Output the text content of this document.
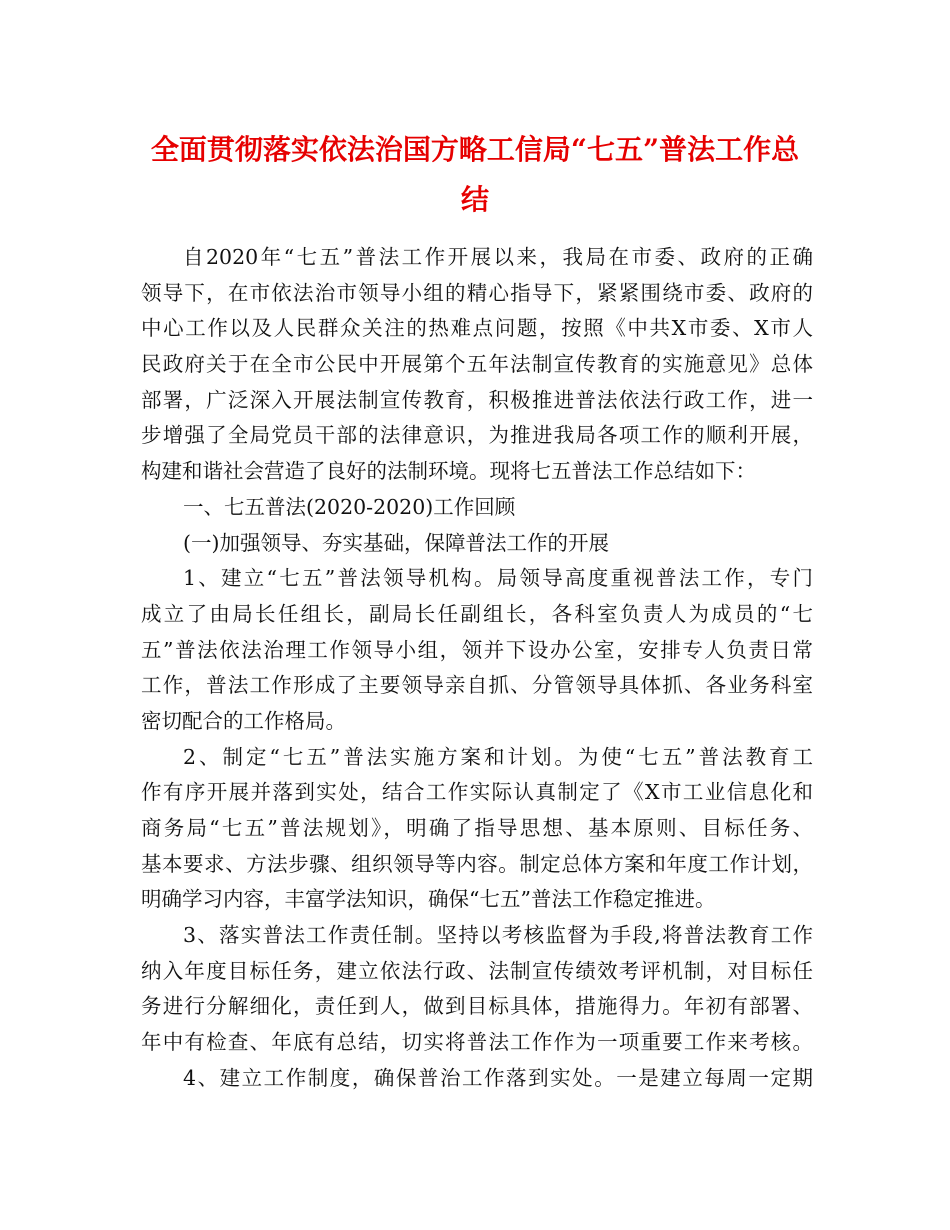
全面贯彻落实依法治国方略工信局“七五”普法工作总
结
自2020年“七五”普法工作开展以来，我局在市委、政府的正确
领导下，在市依法治市领导小组的精心指导下，紧紧围绕市委、政府的
中心工作以及人民群众关注的热难点问题，按照《中共X市委、X市人
民政府关于在全市公民中开展第个五年法制宣传教育的实施意见》总体
部署，广泛深入开展法制宣传教育，积极推进普法依法行政工作，进一
步增强了全局党员干部的法律意识，为推进我局各项工作的顺利开展，
构建和谐社会营造了良好的法制环境。现将七五普法工作总结如下：
一、七五普法(2020-2020)工作回顾
(一)加强领导、夯实基础，保障普法工作的开展
1、建立“七五”普法领导机构。局领导高度重视普法工作，专门
成立了由局长任组长，副局长任副组长，各科室负责人为成员的“七
五”普法依法治理工作领导小组，领并下设办公室，安排专人负责日常
工作，普法工作形成了主要领导亲自抓、分管领导具体抓、各业务科室
密切配合的工作格局。
2、制定“七五”普法实施方案和计划。为使“七五”普法教育工
作有序开展并落到实处，结合工作实际认真制定了《X市工业信息化和
商务局“七五”普法规划》，明确了指导思想、基本原则、目标任务、
基本要求、方法步骤、组织领导等内容。制定总体方案和年度工作计划，
明确学习内容，丰富学法知识，确保“七五”普法工作稳定推进。
3、落实普法工作责任制。坚持以考核监督为手段,将普法教育工作
纳入年度目标任务，建立依法行政、法制宣传绩效考评机制，对目标任
务进行分解细化，责任到人，做到目标具体，措施得力。年初有部署、
年中有检查、年底有总结，切实将普法工作作为一项重要工作来考核。
4、建立工作制度，确保普治工作落到实处。一是建立每周一定期
